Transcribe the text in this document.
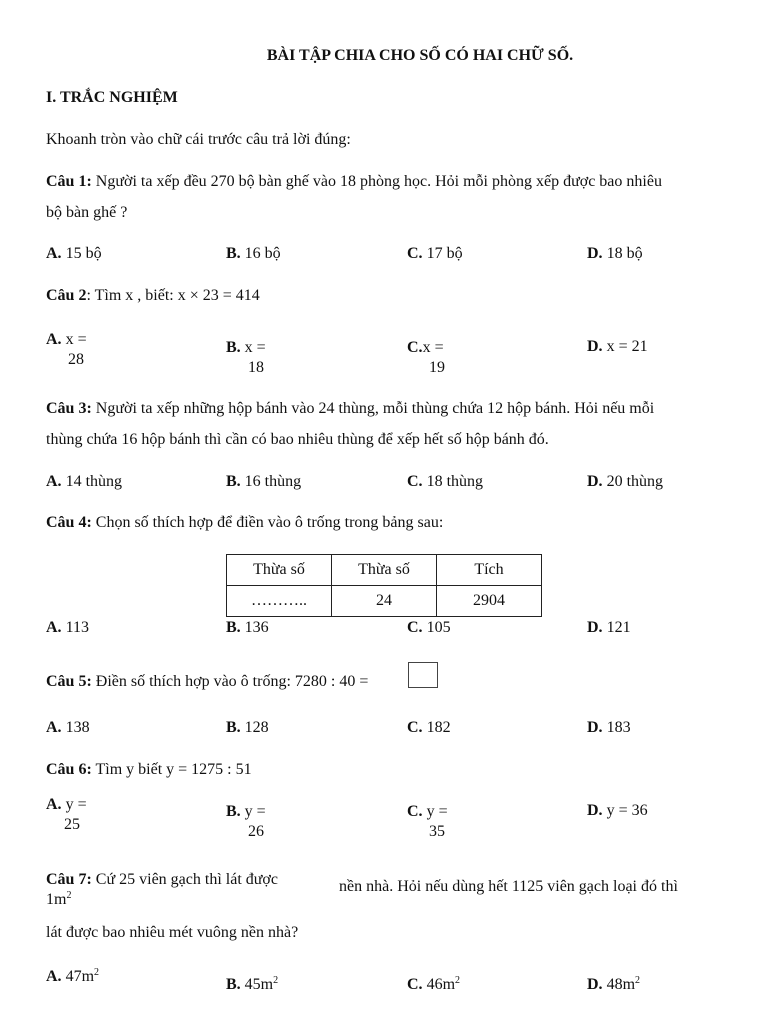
BÀI TẬP CHIA CHO SỐ CÓ HAI CHỮ SỐ.
I. TRẮC NGHIỆM
Khoanh tròn vào chữ cái trước câu trả lời đúng:
Câu 1: Người ta xếp đều 270 bộ bàn ghế vào 18 phòng học. Hỏi mỗi phòng xếp được bao nhiêu
bộ bàn ghế ?
A. 15 bộ	B. 16 bộ	C. 17 bộ	D. 18 bộ
Câu 2: Tìm x , biết: x × 23 = 414
A. x =
28
B. x =
18
C.x =
19
D. x = 21
Câu 3: Người ta xếp những hộp bánh vào 24 thùng, mỗi thùng chứa 12 hộp bánh. Hỏi nếu mỗi
thùng chứa 16 hộp bánh thì cần có bao nhiêu thùng để xếp hết số hộp bánh đó.
A. 14 thùng	B. 16 thùng	C. 18 thùng	D. 20 thùng
Câu 4: Chọn số thích hợp để điền vào ô trống trong bảng sau:
Thừa số	Thừa số	Tích
………..	24	2904
A. 113	B. 136	C. 105	D. 121
Câu 5: Điền số thích hợp vào ô trống: 7280 : 40 =
A. 138	B. 128	C. 182	D. 183
Câu 6: Tìm y biết y = 1275 : 51
A. y =
25
B. y =
26
C. y =
35
D. y = 36
Câu 7: Cứ 25 viên gạch thì lát được
$1m^2$
nền nhà. Hỏi nếu dùng hết 1125 viên gạch loại đó thì
lát được bao nhiêu mét vuông nền nhà?
A. $47m^2$
B. $45m^2$	C. $46m^2$	D. $48m^2$
